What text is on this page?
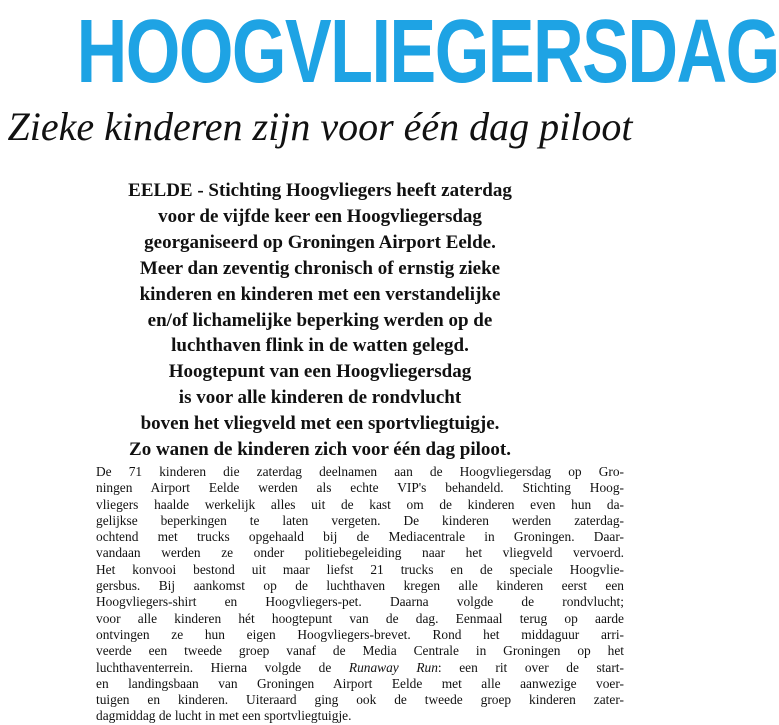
HOOGVLIEGERSDAG
Zieke kinderen zijn voor één dag piloot
EELDE - Stichting Hoogvliegers heeft zaterdag
voor de vijfde keer een Hoogvliegersdag
georganiseerd op Groningen Airport Eelde.
Meer dan zeventig chronisch of ernstig zieke
kinderen en kinderen met een verstandelijke
en/of lichamelijke beperking werden op de
luchthaven flink in de watten gelegd.
Hoogtepunt van een Hoogvliegersdag
is voor alle kinderen de rondvlucht
boven het vliegveld met een sportvliegtuigje.
Zo wanen de kinderen zich voor één dag piloot.
De 71 kinderen die zaterdag deelnamen aan de Hoogvliegersdag op Gro-
ningen Airport Eelde werden als echte VIP's behandeld. Stichting Hoog-
vliegers haalde werkelijk alles uit de kast om de kinderen even hun da-
gelijkse beperkingen te laten vergeten. De kinderen werden zaterdag-
ochtend met trucks opgehaald bij de Mediacentrale in Groningen. Daar-
vandaan werden ze onder politiebegeleiding naar het vliegveld vervoerd.
Het konvooi bestond uit maar liefst 21 trucks en de speciale Hoogvlie-
gersbus. Bij aankomst op de luchthaven kregen alle kinderen eerst een
Hoogvliegers-shirt en Hoogvliegers-pet. Daarna volgde de rondvlucht;
voor alle kinderen hét hoogtepunt van de dag. Eenmaal terug op aarde
ontvingen ze hun eigen Hoogvliegers-brevet. Rond het middaguur arri-
veerde een tweede groep vanaf de Media Centrale in Groningen op het
luchthaventerrein. Hierna volgde de Runaway Run: een rit over de start-
en landingsbaan van Groningen Airport Eelde met alle aanwezige voer-
tuigen en kinderen. Uiteraard ging ook de tweede groep kinderen zater-
dagmiddag de lucht in met een sportvliegtuigje.
